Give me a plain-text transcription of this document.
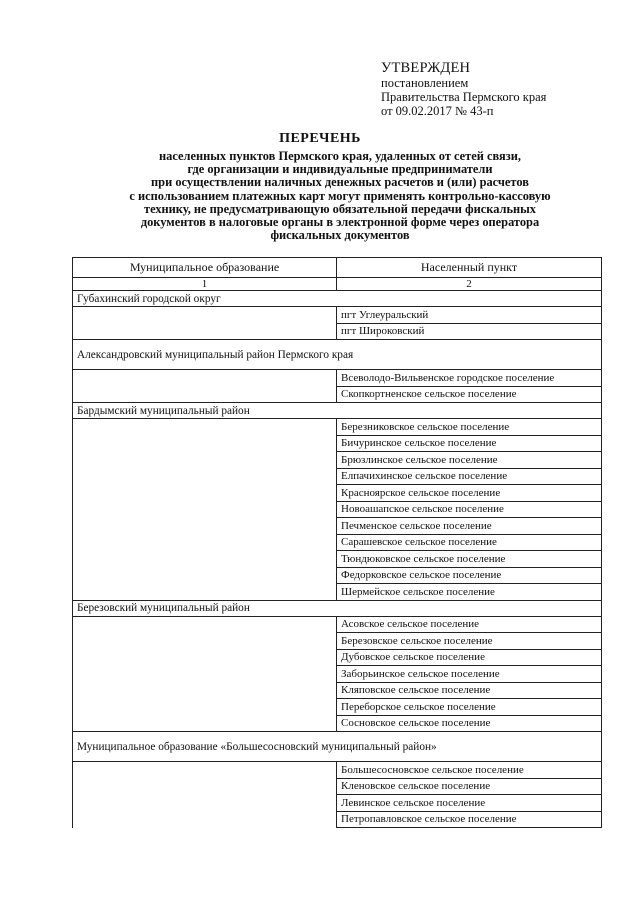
УТВЕРЖДЕН
постановлением
Правительства Пермского края
от 09.02.2017 № 43-п
ПЕРЕЧЕНЬ
населенных пунктов Пермского края, удаленных от сетей связи,
где организации и индивидуальные предприниматели
при осуществлении наличных денежных расчетов и (или) расчетов
с использованием платежных карт могут применять контрольно-кассовую
технику, не предусматривающую обязательной передачи фискальных
документов в налоговые органы в электронной форме через оператора
фискальных документов
Муниципальное образование	Населенный пункт
1	2
Губахинский городской округ	
	пгт Углеуральский
	пгт Широковский
Александровский муниципальный район Пермского края	
	Всеволодо-Вильвенское городское поселение
	Скопкортненское сельское поселение
Бардымский муниципальный район	
	Березниковское сельское поселение
	Бичуринское сельское поселение
	Брюзлинское сельское поселение
	Елпачихинское сельское поселение
	Красноярское сельское поселение
	Новоашапское сельское поселение
	Печменское сельское поселение
	Сарашевское сельское поселение
	Тюндюковское сельское поселение
	Федорковское сельское поселение
	Шермейское сельское поселение
Березовский муниципальный район	
	Асовское сельское поселение
	Березовское сельское поселение
	Дубовское сельское поселение
	Заборьинское сельское поселение
	Кляповское сельское поселение
	Переборское сельское поселение
	Сосновское сельское поселение
Муниципальное образование «Большесосновский муниципальный район»	
	Большесосновское сельское поселение
	Кленовское сельское поселение
	Левинское сельское поселение
	Петропавловское сельское поселение
